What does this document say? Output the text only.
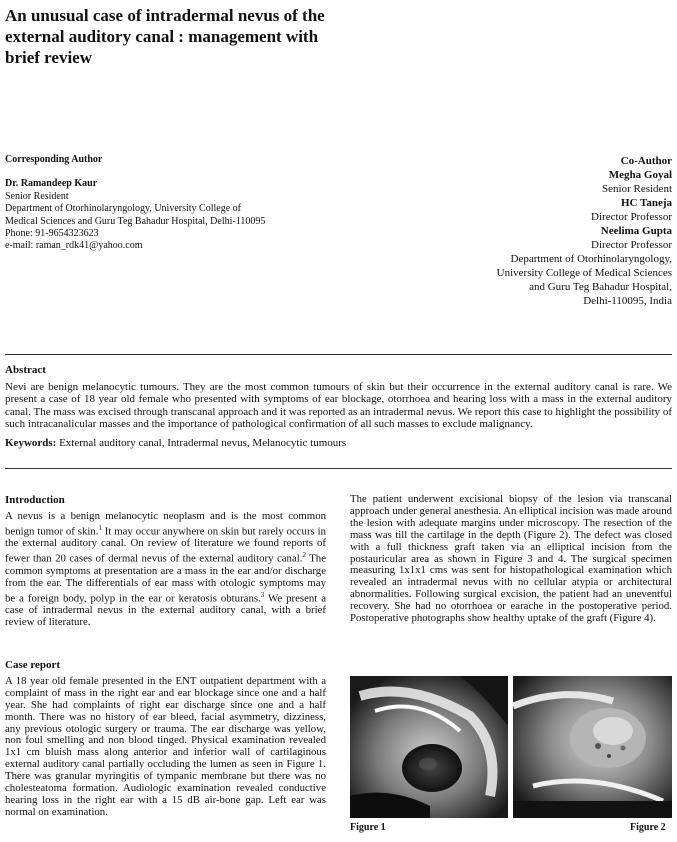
An unusual case of intradermal nevus of the external auditory canal : management with brief review
Corresponding Author
Dr. Ramandeep Kaur
Senior Resident
Department of Otorhinolaryngology, University College of
Medical Sciences and Guru Teg Bahadur Hospital, Delhi-110095
Phone: 91-9654323623
e-mail: raman_rdk41@yahoo.com
Co-Author
Megha Goyal
Senior Resident
HC Taneja
Director Professor
Neelima Gupta
Director Professor
Department of Otorhinolaryngology,
University College of Medical Sciences
and Guru Teg Bahadur Hospital,
Delhi-110095, India
Abstract
Nevi are benign melanocytic tumours. They are the most common tumours of skin but their occurrence in the external auditory canal is rare. We present a case of 18 year old female who presented with symptoms of ear blockage, otorrhoea and hearing loss with a mass in the external auditory canal. The mass was excised through transcanal approach and it was reported as an intradermal nevus. We report this case to highlight the possibility of such intracanalicular masses and the importance of pathological confirmation of all such masses to exclude malignancy.
Keywords: External auditory canal, Intradermal nevus, Melanocytic tumours
Introduction
A nevus is a benign melanocytic neoplasm and is the most common benign tumor of skin.$^1$ It may occur anywhere on skin but rarely occurs in the external auditory canal. On review of literature we found reports of fewer than 20 cases of dermal nevus of the external auditory canal.$^2$ The common symptoms at presentation are a mass in the ear and/or discharge from the ear. The differentials of ear mass with otologic symptoms may be a foreign body, polyp in the ear or keratosis obturans.$^3$ We present a case of intradermal nevus in the external auditory canal, with a brief review of literature.
Case report
A 18 year old female presented in the ENT outpatient department with a complaint of mass in the right ear and ear blockage since one and a half year. She had complaints of right ear discharge since one and a half month. There was no history of ear bleed, facial asymmetry, dizziness, any previous otologic surgery or trauma. The ear discharge was yellow, non foul smelling and non blood tinged. Physical examination revealed 1x1 cm bluish mass along anterior and inferior wall of cartilaginous external auditory canal partially occluding the lumen as seen in Figure 1. There was granular myringitis of tympanic membrane but there was no cholesteatoma formation. Audiologic examination revealed conductive hearing loss in the right ear with a 15 dB air-bone gap. Left ear was normal on examination.
The patient underwent excisional biopsy of the lesion via transcanal approach under general anesthesia. An elliptical incision was made around the lesion with adequate margins under microscopy. The resection of the mass was till the cartilage in the depth (Figure 2). The defect was closed with a full thickness graft taken via an elliptical incision from the postauricular area as shown in Figure 3 and 4. The surgical specimen measuring 1x1x1 cms was sent for histopathological examination which revealed an intradermal nevus with no cellular atypia or architectural abnormalities. Following surgical excision, the patient had an uneventful recovery. She had no otorrhoea or earache in the postoperative period. Postoperative photographs show healthy uptake of the graft (Figure 4).
Figure 1	Figure 2
